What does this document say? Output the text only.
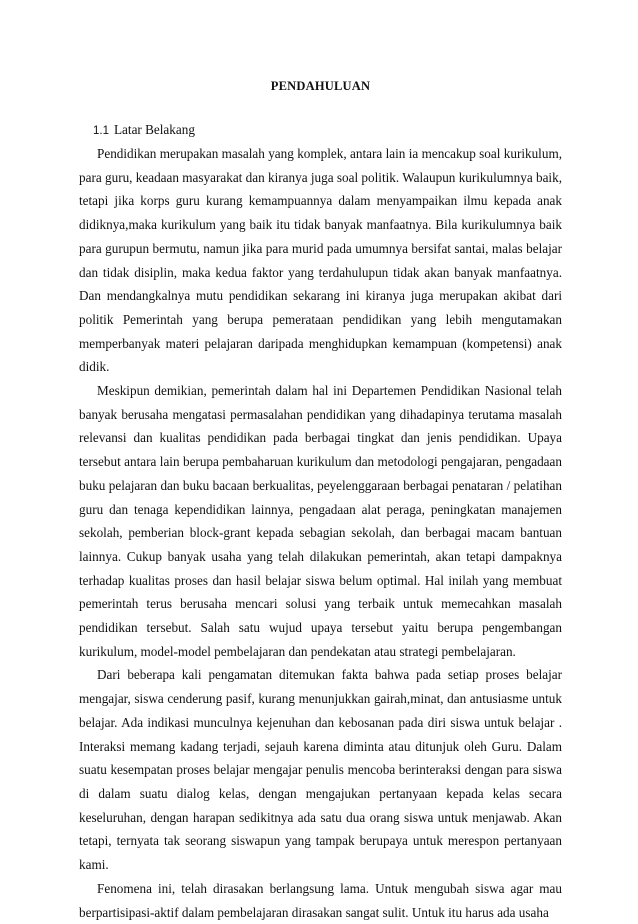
PENDAHULUAN
1.1 Latar Belakang

Pendidikan merupakan masalah yang komplek, antara lain ia mencakup soal kurikulum, para guru, keadaan masyarakat dan kiranya juga soal politik. Walaupun kurikulumnya baik, tetapi jika korps guru kurang kemampuannya dalam menyampaikan ilmu kepada anak didiknya,maka kurikulum yang baik itu tidak banyak manfaatnya. Bila kurikulumnya baik para gurupun bermutu, namun jika para murid pada umumnya bersifat santai, malas belajar dan tidak disiplin, maka kedua faktor yang terdahulupun tidak akan banyak manfaatnya. Dan mendangkalnya mutu pendidikan sekarang ini kiranya juga merupakan akibat dari politik Pemerintah yang berupa pemerataan pendidikan yang lebih mengutamakan memperbanyak materi pelajaran daripada menghidupkan kemampuan (kompetensi) anak didik.

Meskipun demikian, pemerintah dalam hal ini Departemen Pendidikan Nasional telah banyak berusaha mengatasi permasalahan pendidikan yang dihadapinya terutama masalah relevansi dan kualitas pendidikan pada berbagai tingkat dan jenis pendidikan. Upaya tersebut antara lain berupa pembaharuan kurikulum dan metodologi pengajaran, pengadaan buku pelajaran dan buku bacaan berkualitas, peyelenggaraan berbagai penataran / pelatihan guru dan tenaga kependidikan lainnya, pengadaan alat peraga, peningkatan manajemen sekolah, pemberian block-grant kepada sebagian sekolah, dan berbagai macam bantuan lainnya. Cukup banyak usaha yang telah dilakukan pemerintah, akan tetapi dampaknya terhadap kualitas proses dan hasil belajar siswa belum optimal. Hal inilah yang membuat pemerintah terus berusaha mencari solusi yang terbaik untuk memecahkan masalah pendidikan tersebut. Salah satu wujud upaya tersebut yaitu berupa pengembangan kurikulum, model-model pembelajaran dan pendekatan atau strategi pembelajaran.

Dari beberapa kali pengamatan ditemukan fakta bahwa pada setiap proses belajar mengajar, siswa cenderung pasif, kurang menunjukkan gairah,minat, dan antusiasme untuk belajar. Ada indikasi munculnya kejenuhan dan kebosanan pada diri siswa untuk belajar . Interaksi memang kadang terjadi, sejauh karena diminta atau ditunjuk oleh Guru. Dalam suatu kesempatan proses belajar mengajar penulis mencoba berinteraksi dengan para siswa di dalam suatu dialog kelas, dengan mengajukan pertanyaan kepada kelas secara keseluruhan, dengan harapan sedikitnya ada satu dua orang siswa untuk menjawab. Akan tetapi, ternyata tak seorang siswapun yang tampak berupaya untuk merespon pertanyaan kami.

Fenomena ini, telah dirasakan berlangsung lama. Untuk mengubah siswa agar mau berpartisipasi-aktif dalam pembelajaran dirasakan sangat sulit. Untuk itu harus ada usaha
